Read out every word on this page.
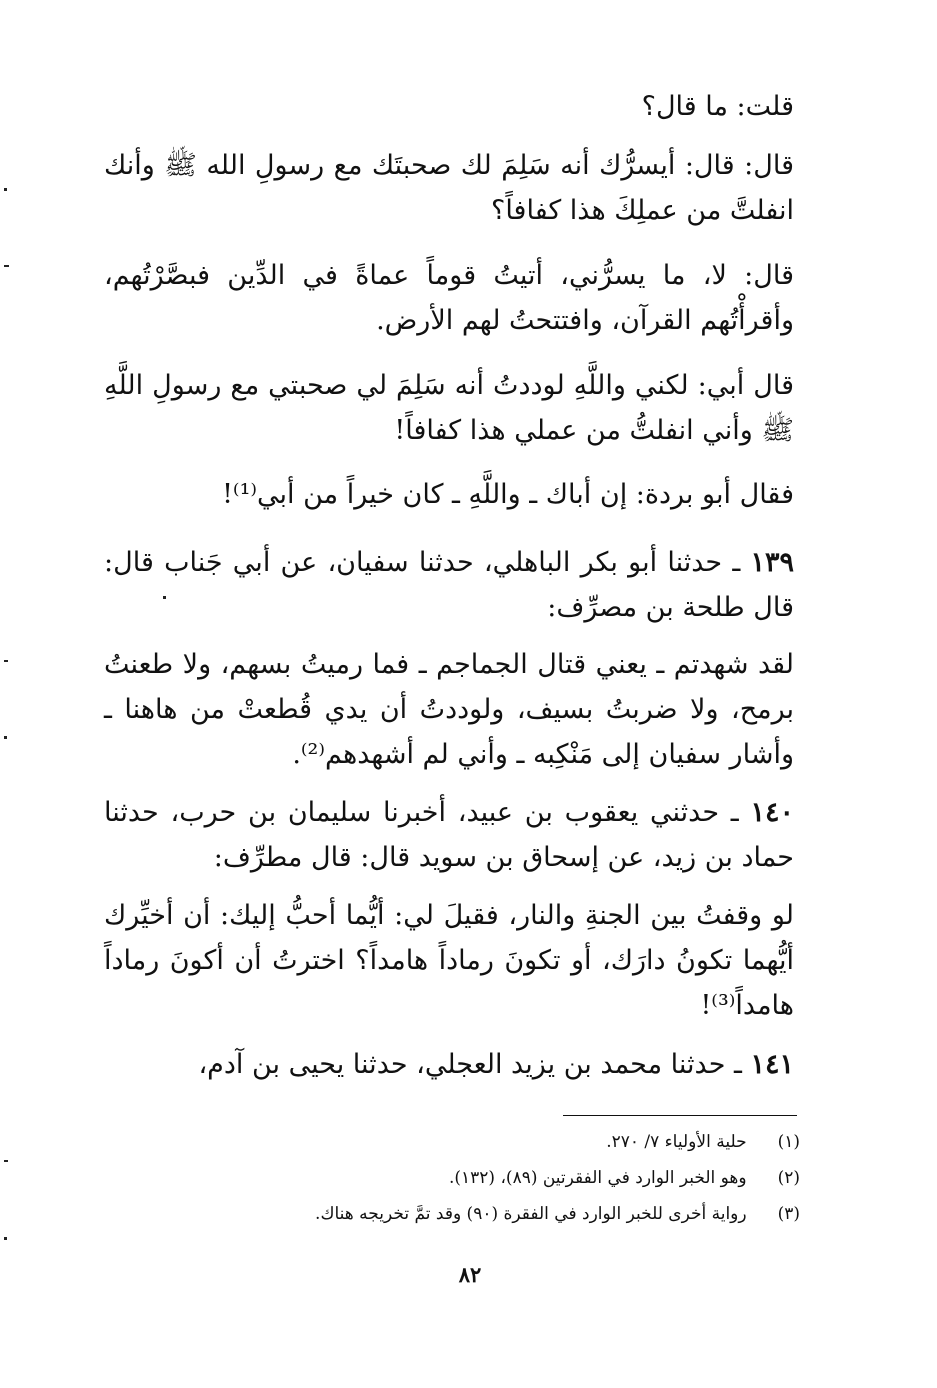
قلت: ما قال؟

قال: قال: أيسرُّك أنه سَلِمَ لك صحبتَك مع رسولِ الله ﷺ وأنك انفلتَّ من عملِكَ هذا كفافاً؟

قال: لا، ما يسرُّني، أتيتُ قوماً عماةً في الدِّين فبصَّرْتُهم، وأقرأْتُهم القرآن، وافتتحتُ لهم الأرض.

قال أبي: لكني واللَّهِ لوددتُ أنه سَلِمَ لي صحبتي مع رسولِ اللَّهِ ﷺ وأني انفلتُّ من عملي هذا كفافاً!

فقال أبو بردة: إن أباك ـ واللَّهِ ـ كان خيراً من أبي⁽¹⁾!

١٣٩ ـ حدثنا أبو بكر الباهلي، حدثنا سفيان، عن أبي جَناب قال: قال طلحة بن مصرِّف:

لقد شهدتم ـ يعني قتال الجماجم ـ فما رميتُ بسهم، ولا طعنتُ برمح، ولا ضربتُ بسيف، ولوددتُ أن يدي قُطعتْ من هاهنا ـ وأشار سفيان إلى مَنْكِبه ـ وأني لم أشهدهم⁽²⁾.

١٤٠ ـ حدثني يعقوب بن عبيد، أخبرنا سليمان بن حرب، حدثنا حماد بن زيد، عن إسحاق بن سويد قال: قال مطرِّف:

لو وقفتُ بين الجنةِ والنار، فقيلَ لي: أيُّما أحبُّ إليك: أن أخيِّرك أيُّهما تكونُ دارَك، أو تكونَ رماداً هامداً؟ اخترتُ أن أكونَ رماداً هامداً⁽³⁾!

١٤١ ـ حدثنا محمد بن يزيد العجلي، حدثنا يحيى بن آدم،

(١) حلية الأولياء ٧/ ٢٧٠.
(٢) وهو الخبر الوارد في الفقرتين (٨٩)، (١٣٢).
(٣) رواية أخرى للخبر الوارد في الفقرة (٩٠) وقد تمَّ تخريجه هناك.
٨٢
